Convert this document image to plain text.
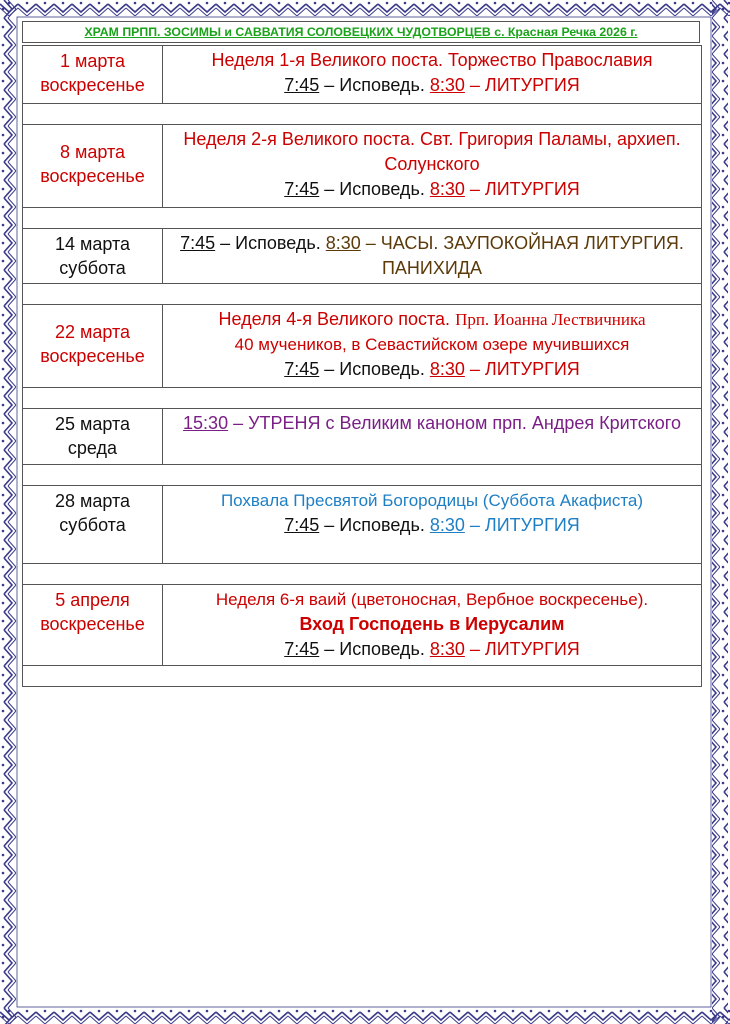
ХРАМ ПРПП. ЗОСИМЫ и САВВАТИЯ СОЛОВЕЦКИХ ЧУДОТВОРЦЕВ с. Красная Речка 2026 г.
1 марта
воскресенье	Неделя 1-я Великого поста. Торжество Православия
7:45 – Исповедь. 8:30 – ЛИТУРГИЯ

8 марта
воскресенье	Неделя 2-я Великого поста. Свт. Григория Паламы, архиеп. Солунского
7:45 – Исповедь. 8:30 – ЛИТУРГИЯ

14 марта
суббота	7:45 – Исповедь. 8:30 – ЧАСЫ. ЗАУПОКОЙНАЯ ЛИТУРГИЯ. ПАНИХИДА

22 марта
воскресенье	Неделя 4-я Великого поста. Прп. Иоанна Лествичника
40 мучеников, в Севастийском озере мучившихся
7:45 – Исповедь. 8:30 – ЛИТУРГИЯ

25 марта
среда	15:30 – УТРЕНЯ с Великим каноном прп. Андрея Критского

28 марта
суббота	Похвала Пресвятой Богородицы (Суббота Акафиста)
7:45 – Исповедь. 8:30 – ЛИТУРГИЯ

5 апреля
воскресенье	Неделя 6-я ваий (цветоносная, Вербное воскресенье).
Вход Господень в Иерусалим
7:45 – Исповедь. 8:30 – ЛИТУРГИЯ
